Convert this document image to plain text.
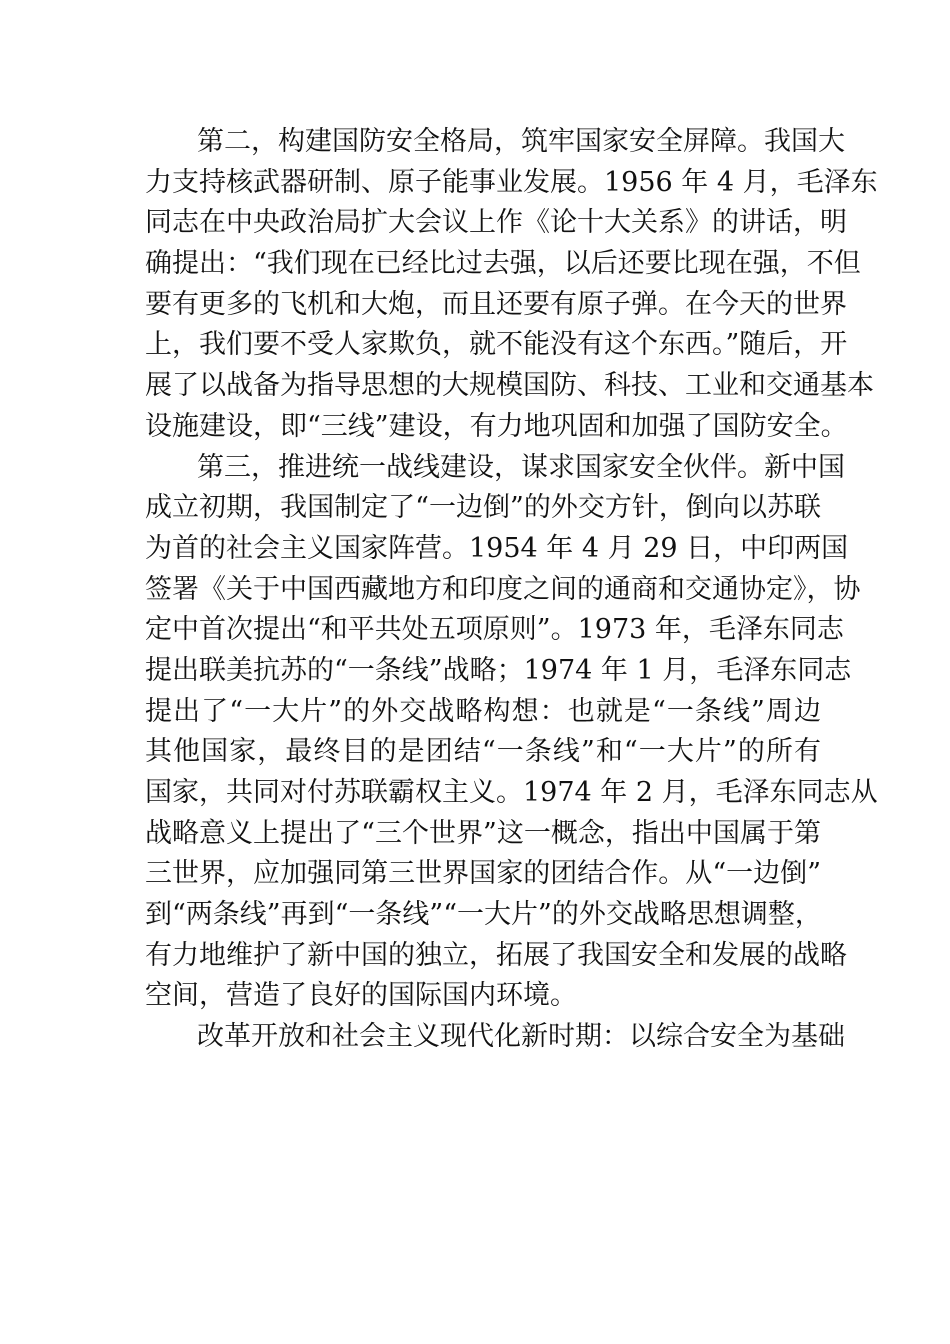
第二，构建国防安全格局，筑牢国家安全屏障。我国大
力支持核武器研制、原子能事业发展。1956 年 4 月，毛泽东
同志在中央政治局扩大会议上作《论十大关系》的讲话，明
确提出：“我们现在已经比过去强，以后还要比现在强，不但
要有更多的飞机和大炮，而且还要有原子弹。在今天的世界
上，我们要不受人家欺负，就不能没有这个东西。”随后，开
展了以战备为指导思想的大规模国防、科技、工业和交通基本
设施建设，即“三线”建设，有力地巩固和加强了国防安全。
第三，推进统一战线建设，谋求国家安全伙伴。新中国
成立初期，我国制定了“一边倒”的外交方针，倒向以苏联
为首的社会主义国家阵营。1954 年 4 月 29 日，中印两国
签署《关于中国西藏地方和印度之间的通商和交通协定》，协
定中首次提出“和平共处五项原则”。1973 年，毛泽东同志
提出联美抗苏的“一条线”战略；1974 年 1 月，毛泽东同志
提出了“一大片”的外交战略构想：也就是“一条线”周边
其他国家，最终目的是团结“一条线”和“一大片”的所有
国家，共同对付苏联霸权主义。1974 年 2 月，毛泽东同志从
战略意义上提出了“三个世界”这一概念，指出中国属于第
三世界，应加强同第三世界国家的团结合作。从“一边倒”
到“两条线”再到“一条线”“一大片”的外交战略思想调整，
有力地维护了新中国的独立，拓展了我国安全和发展的战略
空间，营造了良好的国际国内环境。
改革开放和社会主义现代化新时期：以综合安全为基础
